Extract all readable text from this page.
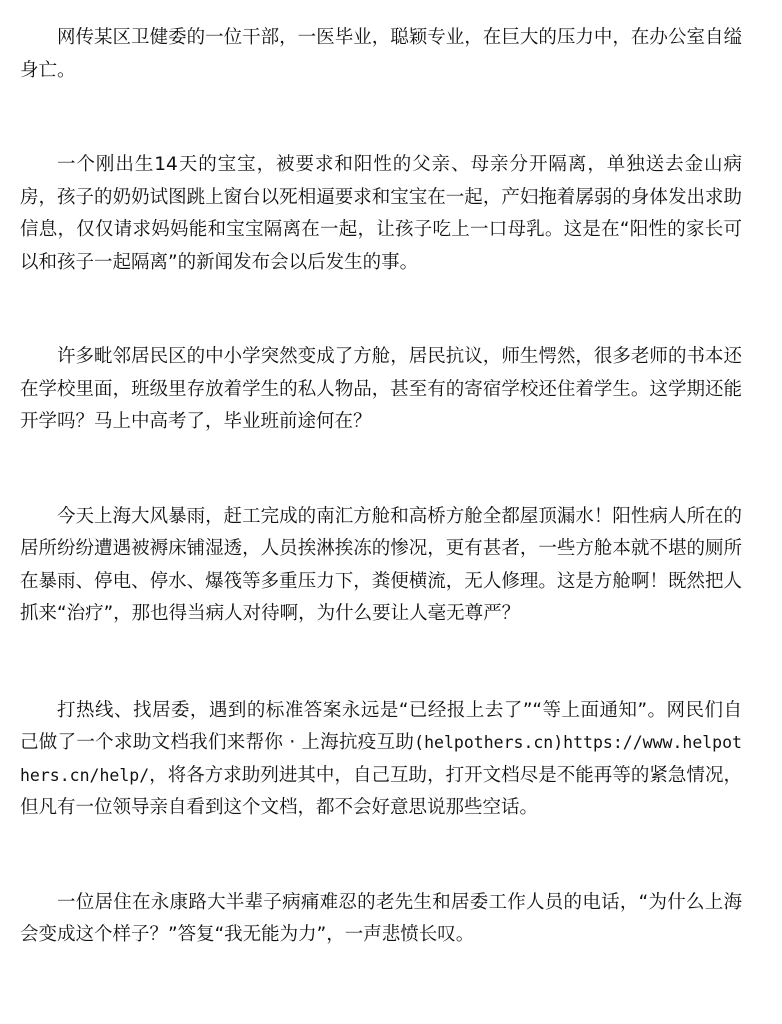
网传某区卫健委的一位干部，一医毕业，聪颖专业，在巨大的压力中，在办公室自缢身亡。

一个刚出生14天的宝宝，被要求和阳性的父亲、母亲分开隔离，单独送去金山病房，孩子的奶奶试图跳上窗台以死相逼要求和宝宝在一起，产妇拖着孱弱的身体发出求助信息，仅仅请求妈妈能和宝宝隔离在一起，让孩子吃上一口母乳。这是在“阳性的家长可以和孩子一起隔离”的新闻发布会以后发生的事。

许多毗邻居民区的中小学突然变成了方舱，居民抗议，师生愕然，很多老师的书本还在学校里面，班级里存放着学生的私人物品，甚至有的寄宿学校还住着学生。这学期还能开学吗？马上中高考了，毕业班前途何在？

今天上海大风暴雨，赶工完成的南汇方舱和高桥方舱全都屋顶漏水！阳性病人所在的居所纷纷遭遇被褥床铺湿透，人员挨淋挨冻的惨况，更有甚者，一些方舱本就不堪的厕所在暴雨、停电、停水、爆筏等多重压力下，粪便横流，无人修理。这是方舱啊！既然把人抓来“治疗”，那也得当病人对待啊，为什么要让人毫无尊严？

打热线、找居委，遇到的标准答案永远是“已经报上去了”“等上面通知”。网民们自己做了一个求助文档我们来帮你 · 上海抗疫互助(helpothers.cn)https://www.helpothers.cn/help/，将各方求助列进其中，自己互助，打开文档尽是不能再等的紧急情况，但凡有一位领导亲自看到这个文档，都不会好意思说那些空话。

一位居住在永康路大半辈子病痛难忍的老先生和居委工作人员的电话，“为什么上海会变成这个样子？”答复“我无能为力”，一声悲愤长叹。
